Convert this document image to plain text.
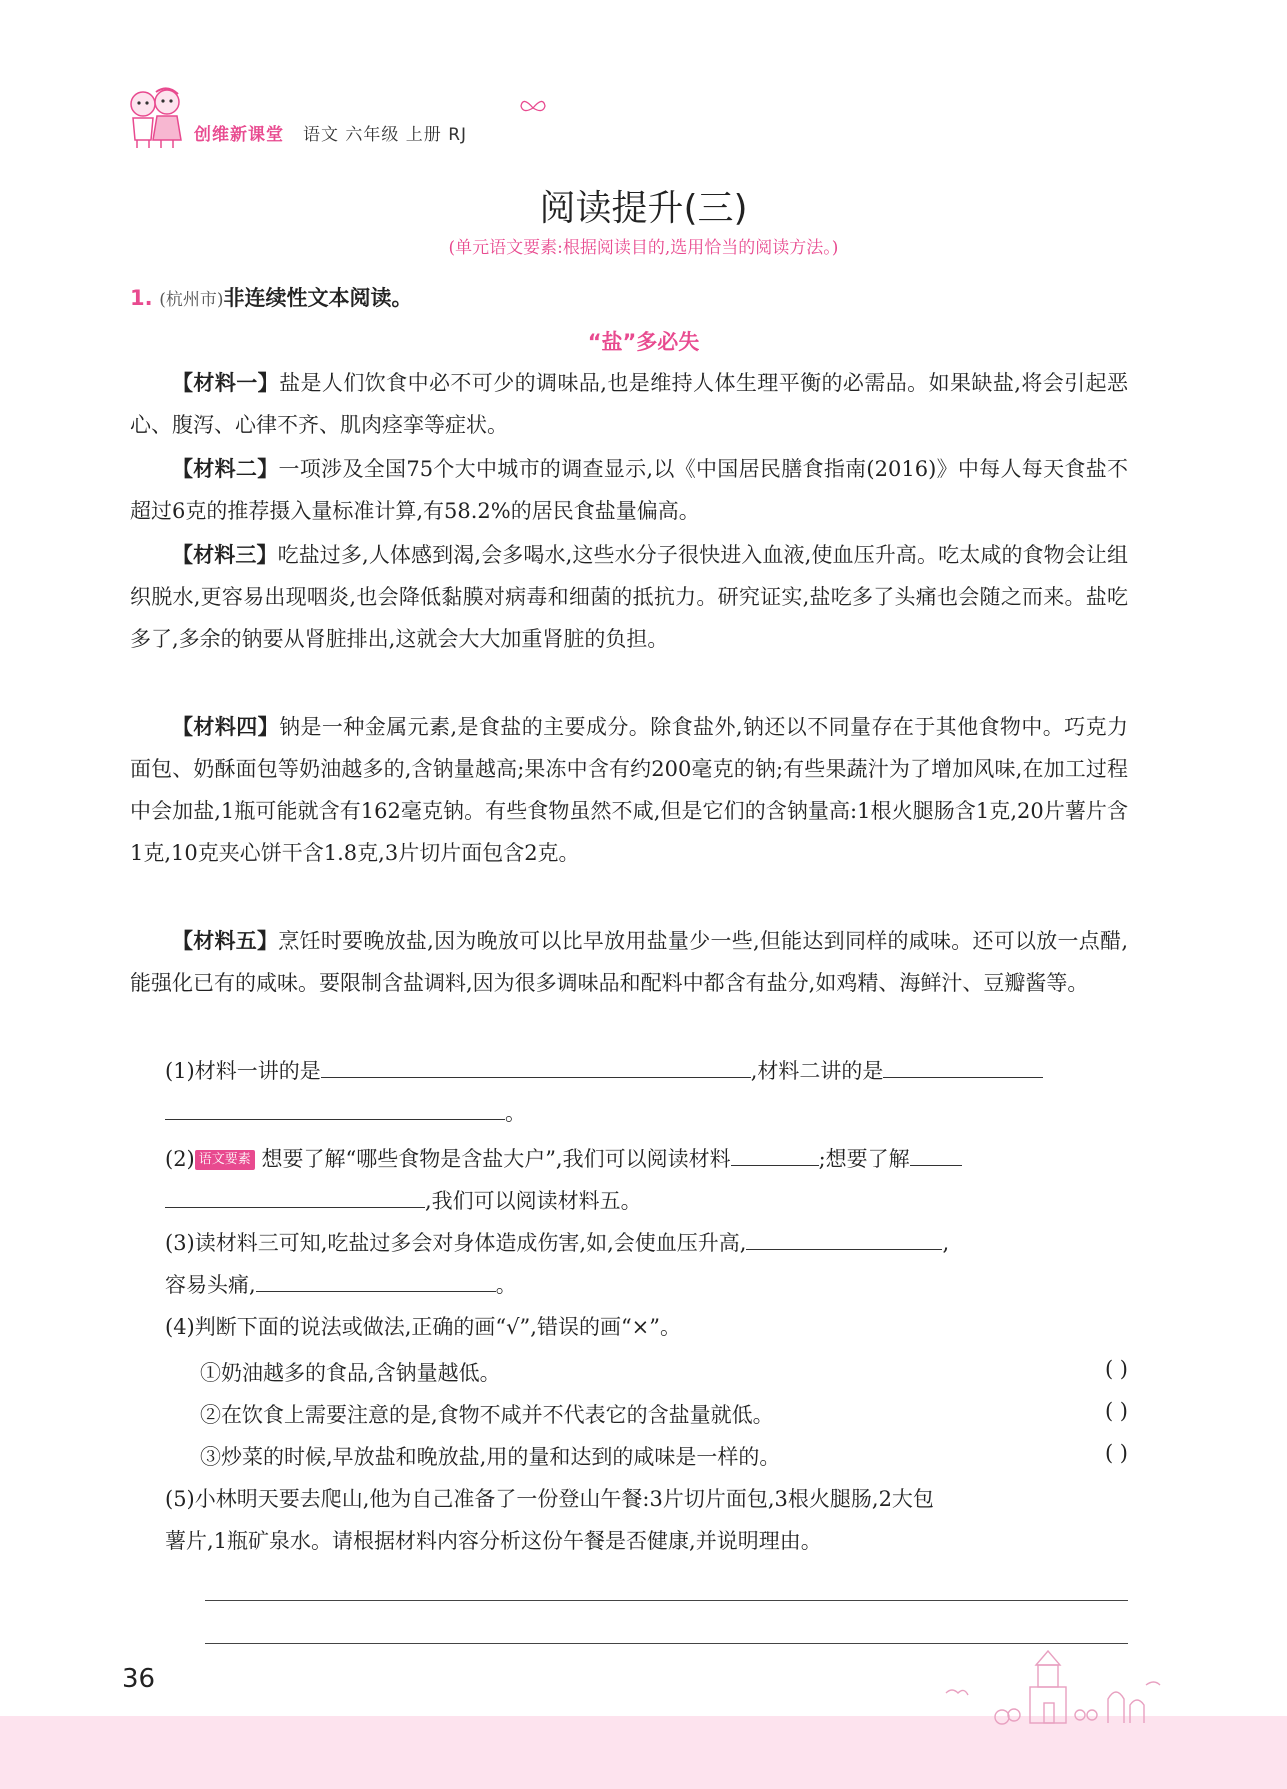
创维新课堂 语文 六年级 上册 RJ
阅读提升(三)
(单元语文要素:根据阅读目的,选用恰当的阅读方法。)
1. (杭州市)非连续性文本阅读。
“盐”多必失

【材料一】盐是人们饮食中必不可少的调味品,也是维持人体生理平衡的必需品。如果缺盐,将会引起恶心、腹泻、心律不齐、肌肉痉挛等症状。

【材料二】一项涉及全国75个大中城市的调查显示,以《中国居民膳食指南(2016)》中每人每天食盐不超过6克的推荐摄入量标准计算,有58.2%的居民食盐量偏高。

【材料三】吃盐过多,人体感到渴,会多喝水,这些水分子很快进入血液,使血压升高。吃太咸的食物会让组织脱水,更容易出现咽炎,也会降低黏膜对病毒和细菌的抵抗力。研究证实,盐吃多了头痛也会随之而来。盐吃多了,多余的钠要从肾脏排出,这就会大大加重肾脏的负担。

【材料四】钠是一种金属元素,是食盐的主要成分。除食盐外,钠还以不同量存在于其他食物中。巧克力面包、奶酥面包等奶油越多的,含钠量越高;果冻中含有约200毫克的钠;有些果蔬汁为了增加风味,在加工过程中会加盐,1瓶可能就含有162毫克钠。有些食物虽然不咸,但是它们的含钠量高:1根火腿肠含1克,20片薯片含1克,10克夹心饼干含1.8克,3片切片面包含2克。

【材料五】烹饪时要晚放盐,因为晚放可以比早放用盐量少一些,但能达到同样的咸味。还可以放一点醋,能强化已有的咸味。要限制含盐调料,因为很多调味品和配料中都含有盐分,如鸡精、海鲜汁、豆瓣酱等。

(1)材料一讲的是	,材料二讲的是
。
(2) 语文要素 想要了解“哪些食物是含盐大户”,我们可以阅读材料	;想要了解
,我们可以阅读材料五。
(3)读材料三可知,吃盐过多会对身体造成伤害,如,会使血压升高,	,
容易头痛,	。
(4)判断下面的说法或做法,正确的画“√”,错误的画“×”。
①奶油越多的食品,含钠量越低。	( )
②在饮食上需要注意的是,食物不咸并不代表它的含盐量就低。	( )
③炒菜的时候,早放盐和晚放盐,用的量和达到的咸味是一样的。	( )
(5)小林明天要去爬山,他为自己准备了一份登山午餐:3片切片面包,3根火腿肠,2大包
薯片,1瓶矿泉水。请根据材料内容分析这份午餐是否健康,并说明理由。
36
